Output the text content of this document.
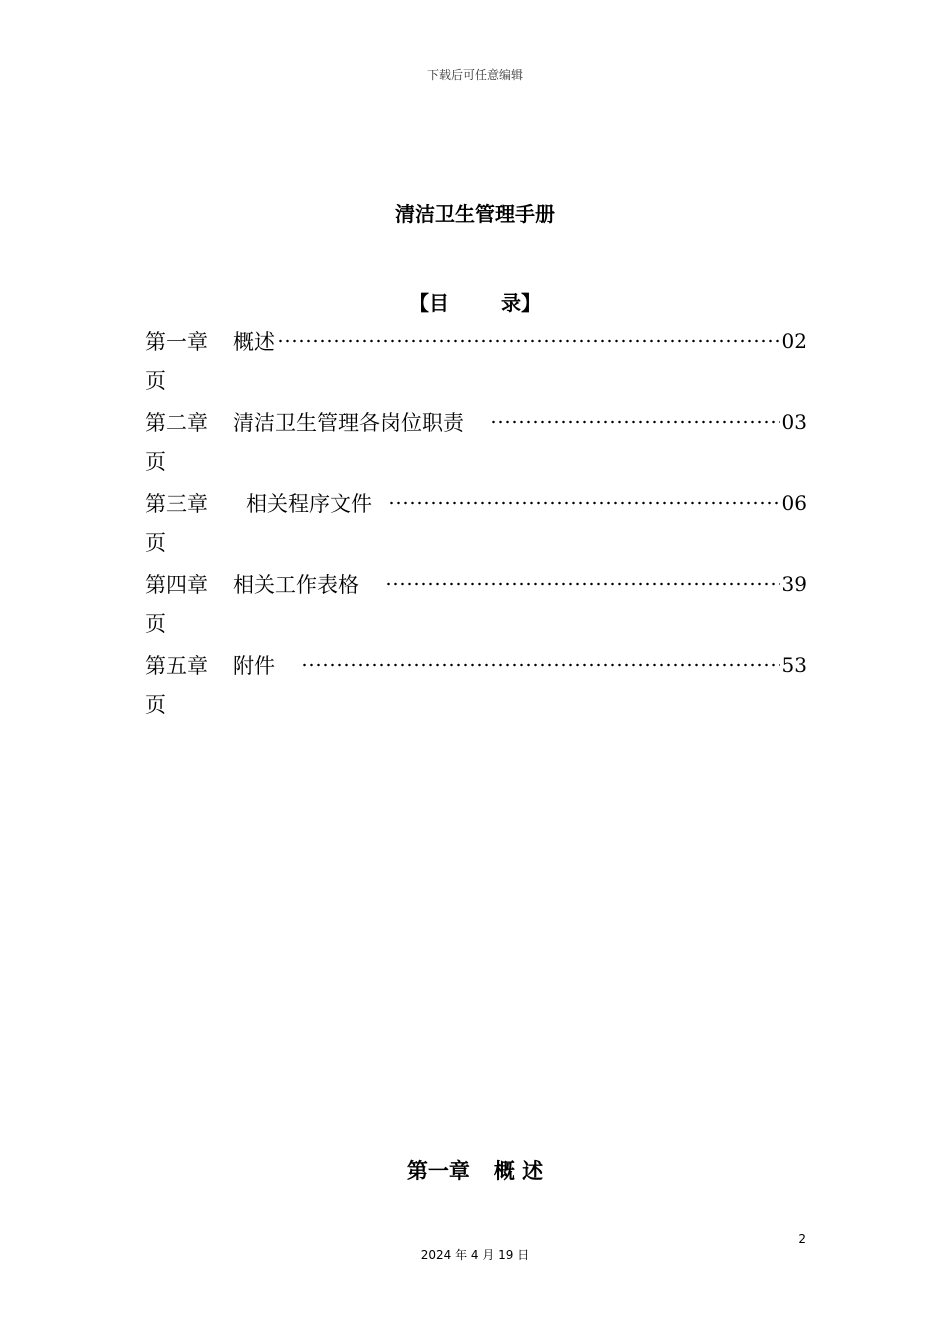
下载后可任意编辑
清洁卫生管理手册
【目	录】
第一章 概述	02
页
第二章 清洁卫生管理各岗位职责	03
页
第三章 相关程序文件	06
页
第四章 相关工作表格	39
页
第五章 附件	53
页
第一章 概 述
2
2024 年 4 月 19 日
